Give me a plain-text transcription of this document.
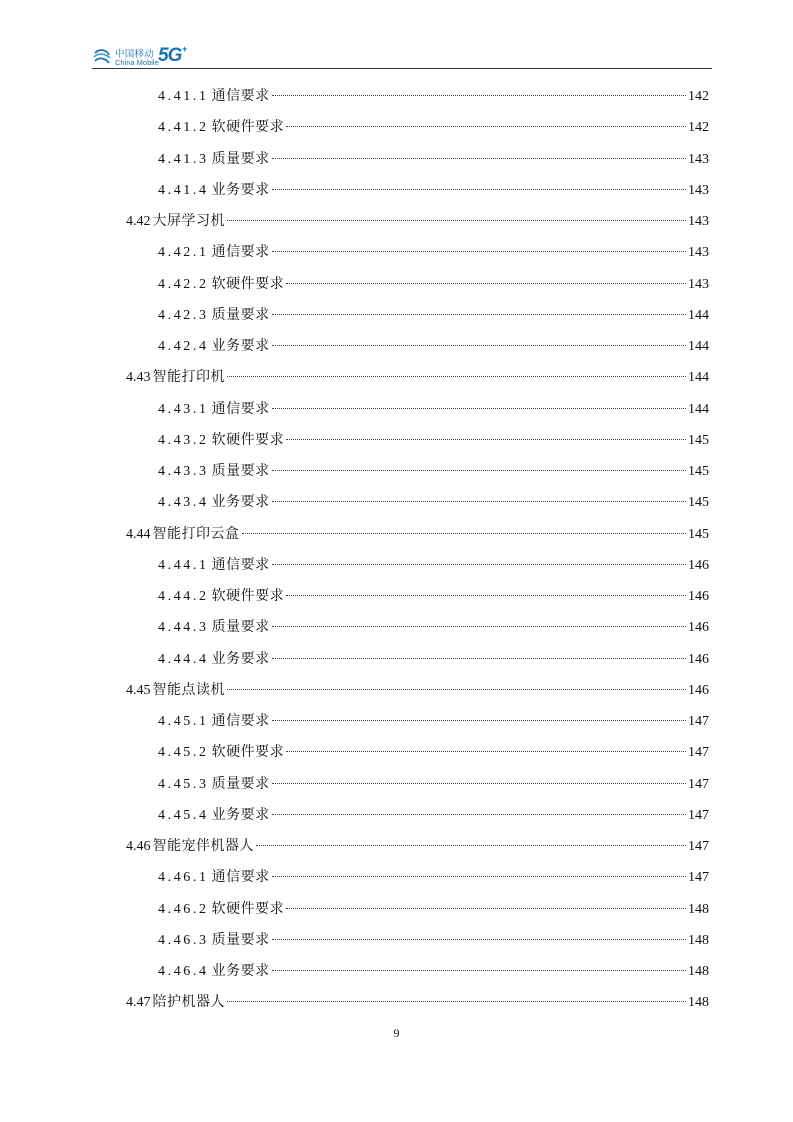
中国移动
China Mobile 5G +
4.41.1 通信要求	142
4.41.2 软硬件要求	142
4.41.3 质量要求	143
4.41.4 业务要求	143
4.42 大屏学习机	143
4.42.1 通信要求	143
4.42.2 软硬件要求	143
4.42.3 质量要求	144
4.42.4 业务要求	144
4.43 智能打印机	144
4.43.1 通信要求	144
4.43.2 软硬件要求	145
4.43.3 质量要求	145
4.43.4 业务要求	145
4.44 智能打印云盒	145
4.44.1 通信要求	146
4.44.2 软硬件要求	146
4.44.3 质量要求	146
4.44.4 业务要求	146
4.45 智能点读机	146
4.45.1 通信要求	147
4.45.2 软硬件要求	147
4.45.3 质量要求	147
4.45.4 业务要求	147
4.46 智能宠伴机器人	147
4.46.1 通信要求	147
4.46.2 软硬件要求	148
4.46.3 质量要求	148
4.46.4 业务要求	148
4.47 陪护机器人	148
9
